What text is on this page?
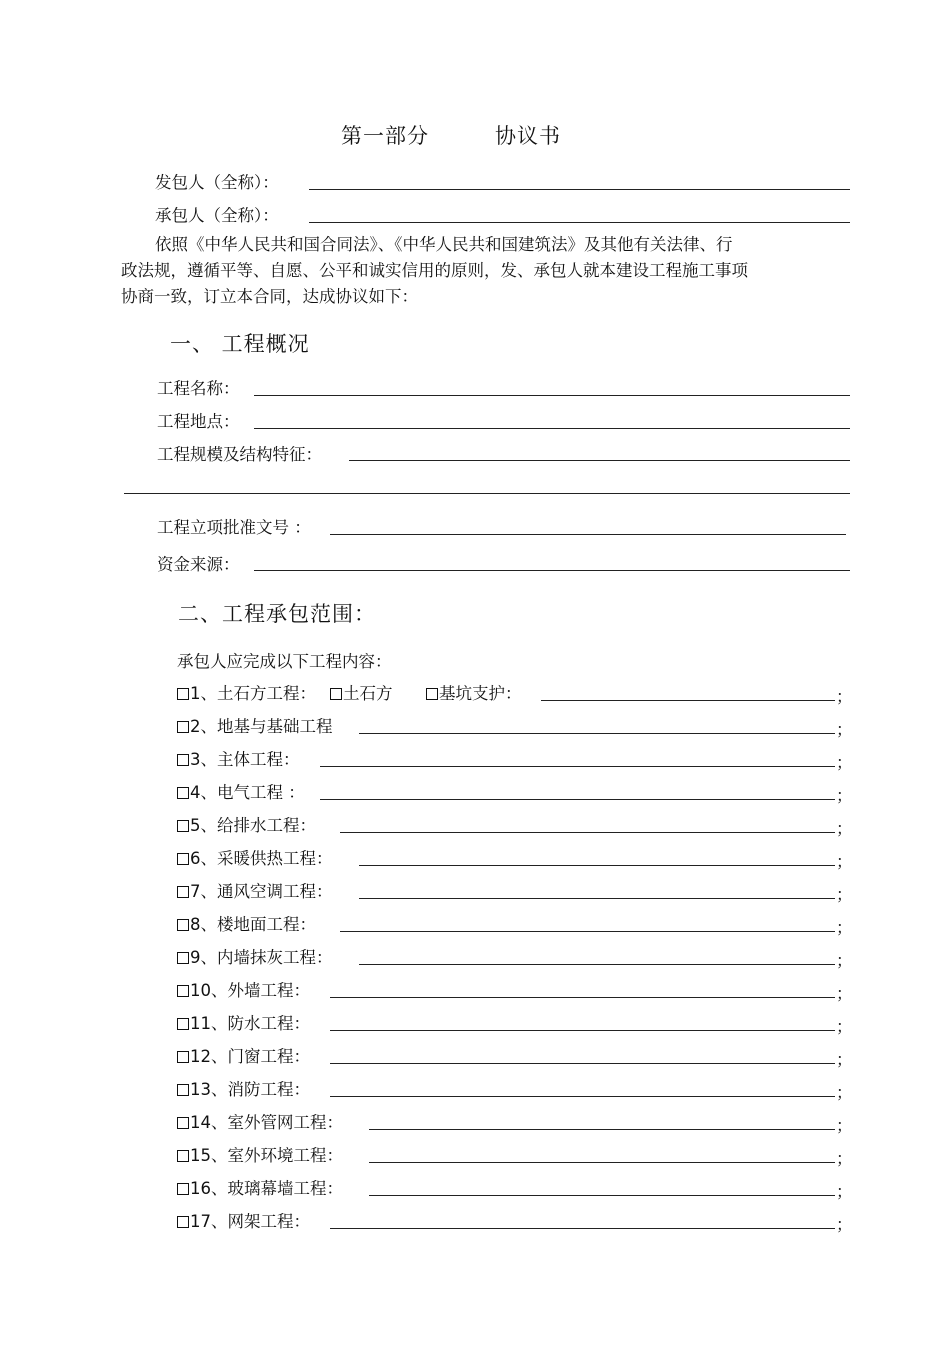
第一部分	协议书
发包人（全称）：
承包人（全称）：
依照《中华人民共和国合同法》、《中华人民共和国建筑法》及其他有关法律、行
政法规，遵循平等、自愿、公平和诚实信用的原则，发、承包人就本建设工程施工事项
协商一致，订立本合同，达成协议如下：
一、 工程概况
工程名称：
工程地点：
工程规模及结构特征：
工程立项批准文号 ：
资金来源：
二、工程承包范围：
承包人应完成以下工程内容：
1、土石方工程：	土石方	基坑支护：	；
2、地基与基础工程	；
3、主体工程：	；
4、电气工程 ：	；
5、给排水工程：	；
6、采暖供热工程：	；
7、通风空调工程：	；
8、楼地面工程：	；
9、内墙抹灰工程：	；
10、外墙工程：	；
11、防水工程：	；
12、门窗工程：	；
13、消防工程：	；
14、室外管网工程：	；
15、室外环境工程：	；
16、玻璃幕墙工程：	；
17、网架工程：	；
